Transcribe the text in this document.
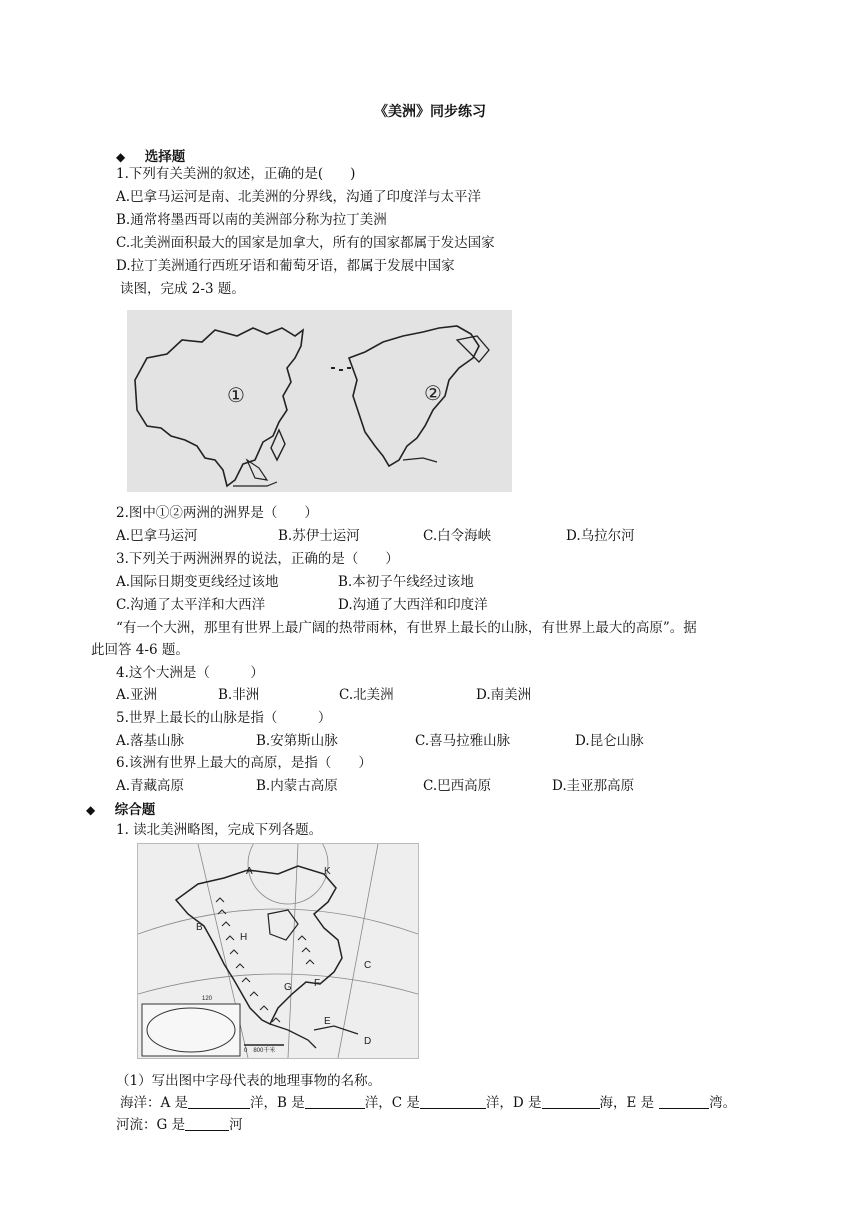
《美洲》同步练习
◆ 选择题
1.下列有关美洲的叙述，正确的是(　　)
A.巴拿马运河是南、北美洲的分界线，沟通了印度洋与太平洋
B.通常将墨西哥以南的美洲部分称为拉丁美洲
C.北美洲面积最大的国家是加拿大，所有的国家都属于发达国家
D.拉丁美洲通行西班牙语和葡萄牙语，都属于发展中国家
读图，完成 2-3 题。
①	②
2.图中①②两洲的洲界是（　　）
A.巴拿马运河	B.苏伊士运河	C.白令海峡	D.乌拉尔河
3.下列关于两洲洲界的说法，正确的是（　　）
A.国际日期变更线经过该地	B.本初子午线经过该地
C.沟通了太平洋和大西洋	D.沟通了大西洋和印度洋
“有一个大洲，那里有世界上最广阔的热带雨林，有世界上最长的山脉，有世界上最大的高原”。据
此回答 4-6 题。
4.这个大洲是（　　　）
A.亚洲	B.非洲	C.北美洲	D.南美洲
5.世界上最长的山脉是指（　　　）
A.落基山脉	B.安第斯山脉	C.喜马拉雅山脉	D.昆仑山脉
6.该洲有世界上最大的高原，是指（　　）
A.青藏高原	B.内蒙古高原	C.巴西高原	D.圭亚那高原
◆ 综合题
1. 读北美洲略图，完成下列各题。
A	K
B
H
C
G F
E
D
120
0　800千米
（1）写出图中字母代表的地理事物的名称。
海洋：A 是	洋，B 是	洋，C 是	洋，D 是	海，E 是	湾。
河流：G 是	河
